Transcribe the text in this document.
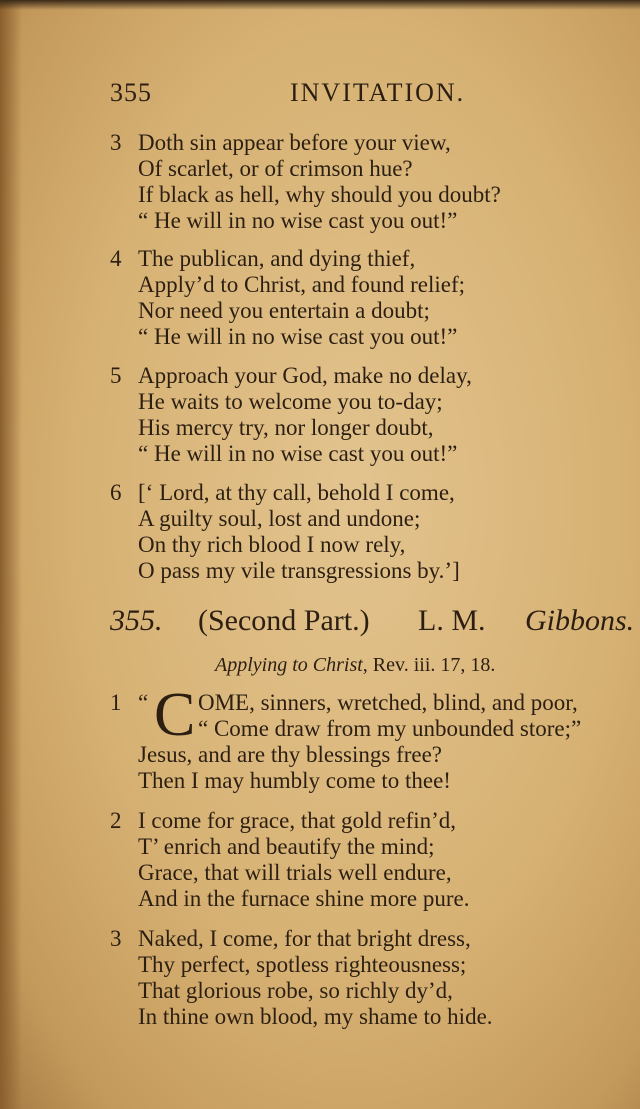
355	INVITATION.
3 Doth sin appear before your view,
Of scarlet, or of crimson hue?
If black as hell, why should you doubt?
“ He will in no wise cast you out!”
4 The publican, and dying thief,
Apply’d to Christ, and found relief;
Nor need you entertain a doubt;
“ He will in no wise cast you out!”
5 Approach your God, make no delay,
He waits to welcome you to-day;
His mercy try, nor longer doubt,
“ He will in no wise cast you out!”
6 [‘ Lord, at thy call, behold I come,
A guilty soul, lost and undone;
On thy rich blood I now rely,
O pass my vile transgressions by.’]
355. (Second Part.) L. M. Gibbons.
Applying to Christ, Rev. iii. 17, 18.
1 “ C OME, sinners, wretched, blind, and poor,
“ Come draw from my unbounded store;”
Jesus, and are thy blessings free?
Then I may humbly come to thee!
2 I come for grace, that gold refin’d,
T’ enrich and beautify the mind;
Grace, that will trials well endure,
And in the furnace shine more pure.
3 Naked, I come, for that bright dress,
Thy perfect, spotless righteousness;
That glorious robe, so richly dy’d,
In thine own blood, my shame to hide.
